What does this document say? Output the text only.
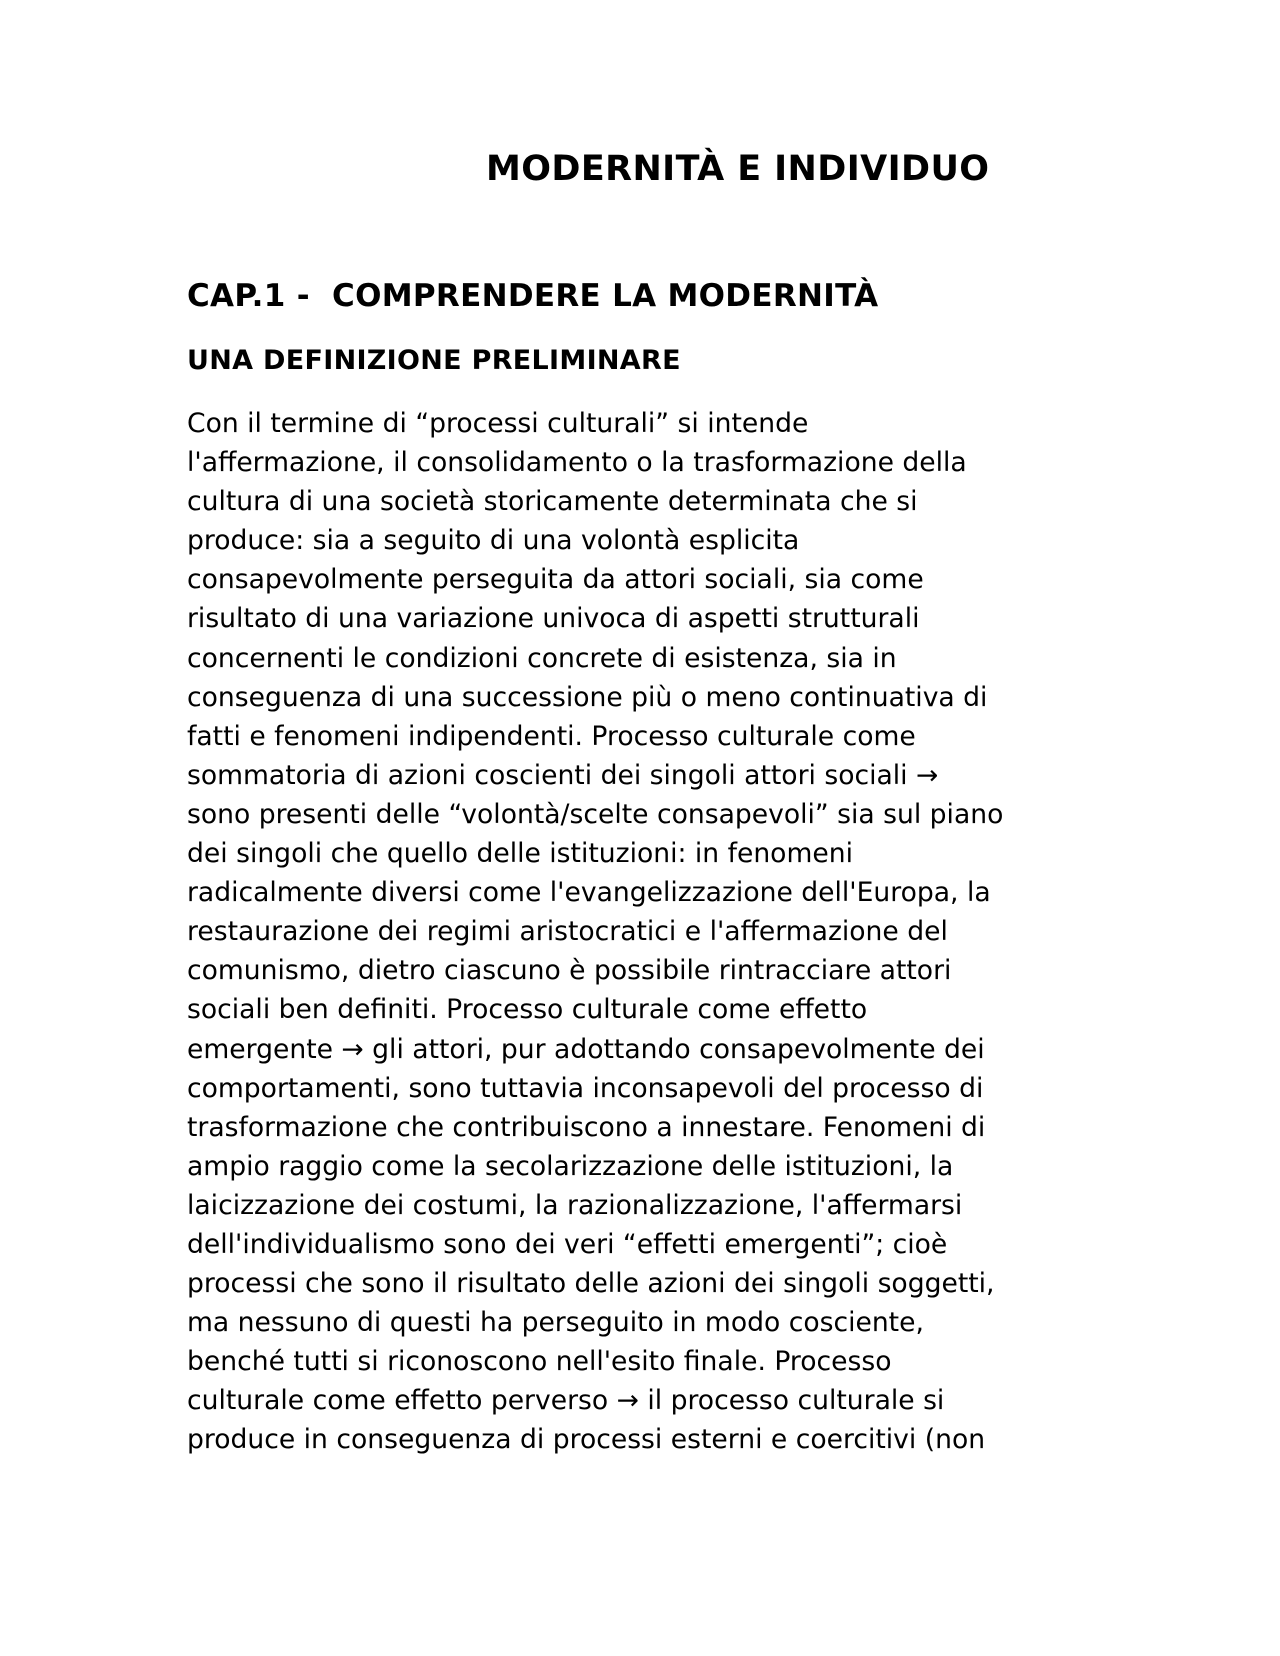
MODERNITÀ E INDIVIDUO
CAP.1 -  COMPRENDERE LA MODERNITÀ
UNA DEFINIZIONE PRELIMINARE
Con il termine di “processi culturali” si intende
l'affermazione, il consolidamento o la trasformazione della
cultura di una società storicamente determinata che si
produce: sia a seguito di una volontà esplicita
consapevolmente perseguita da attori sociali, sia come
risultato di una variazione univoca di aspetti strutturali
concernenti le condizioni concrete di esistenza, sia in
conseguenza di una successione più o meno continuativa di
fatti e fenomeni indipendenti. Processo culturale come
sommatoria di azioni coscienti dei singoli attori sociali →
sono presenti delle “volontà/scelte consapevoli” sia sul piano
dei singoli che quello delle istituzioni: in fenomeni
radicalmente diversi come l'evangelizzazione dell'Europa, la
restaurazione dei regimi aristocratici e l'affermazione del
comunismo, dietro ciascuno è possibile rintracciare attori
sociali ben definiti. Processo culturale come effetto
emergente → gli attori, pur adottando consapevolmente dei
comportamenti, sono tuttavia inconsapevoli del processo di
trasformazione che contribuiscono a innestare. Fenomeni di
ampio raggio come la secolarizzazione delle istituzioni, la
laicizzazione dei costumi, la razionalizzazione, l'affermarsi
dell'individualismo sono dei veri “effetti emergenti”; cioè
processi che sono il risultato delle azioni dei singoli soggetti,
ma nessuno di questi ha perseguito in modo cosciente,
benché tutti si riconoscono nell'esito finale. Processo
culturale come effetto perverso → il processo culturale si
produce in conseguenza di processi esterni e coercitivi (non
